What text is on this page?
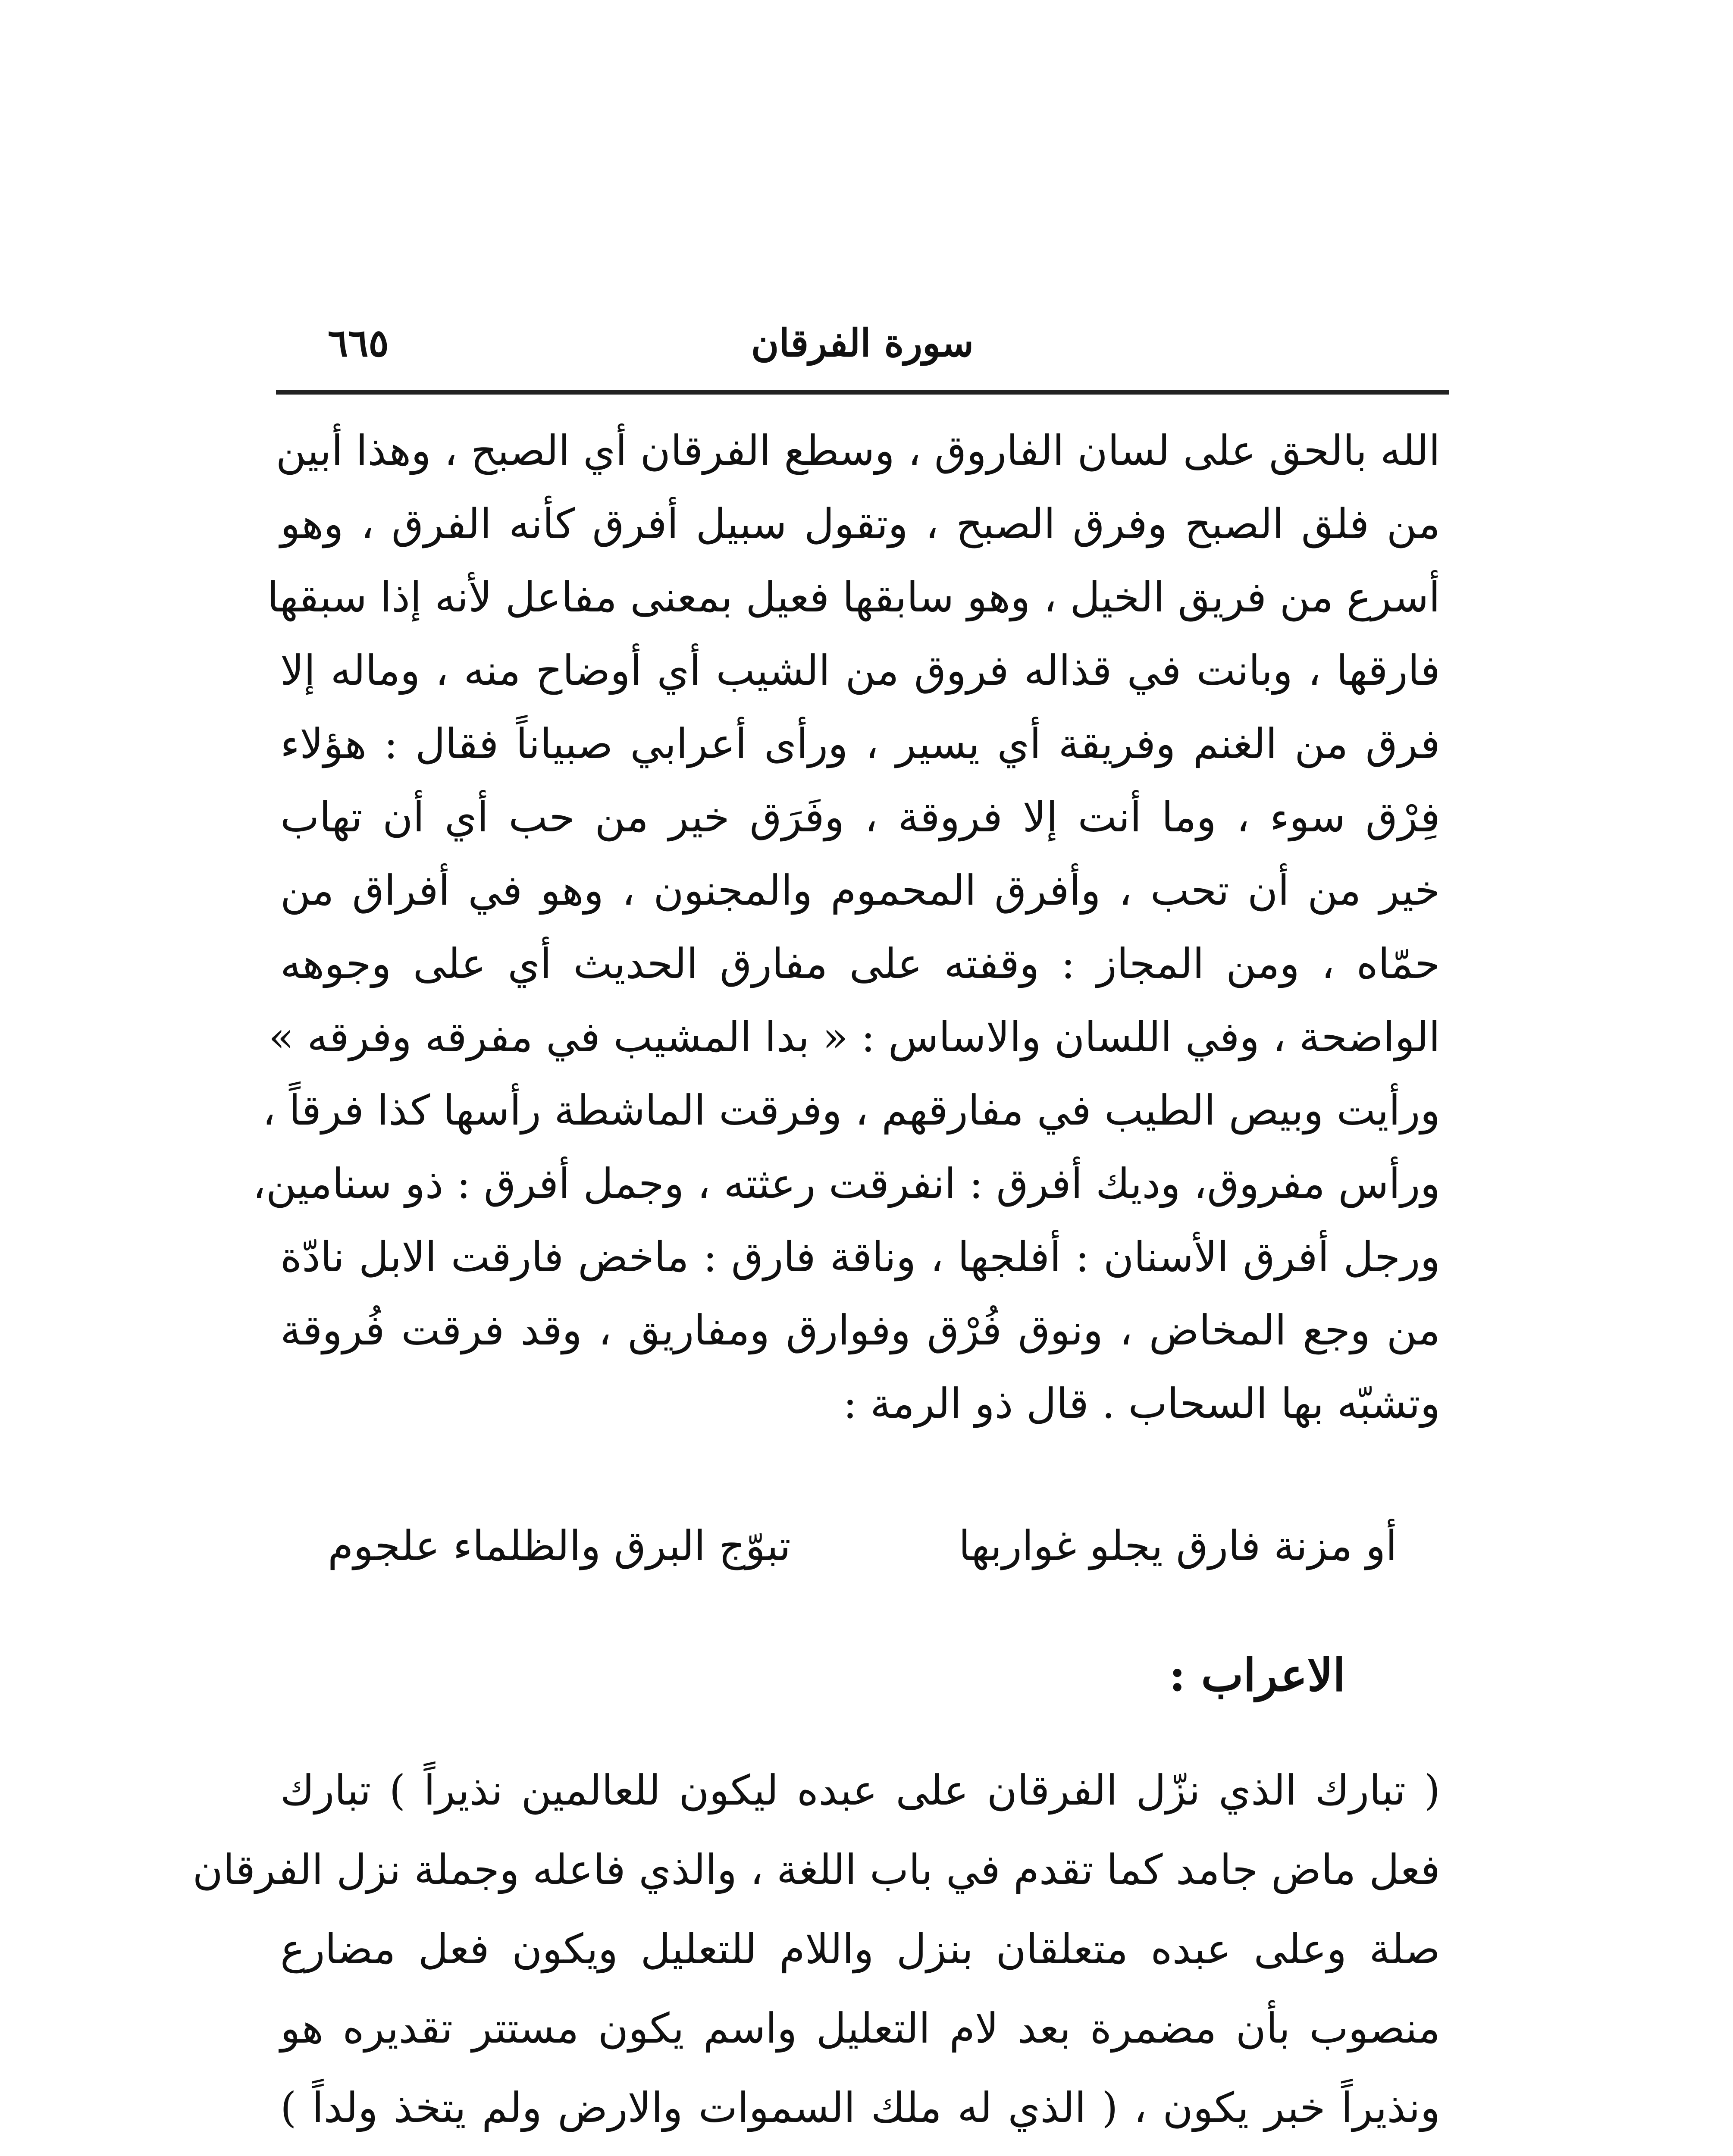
سورة الفرقان
٦٦٥
الله بالحق على لسان الفاروق ، وسطع الفرقان أي الصبح ، وهذا أبين
من فلق الصبح وفرق الصبح ، وتقول سبيل أفرق كأنه الفرق ، وهو
أسرع من فريق الخيل ، وهو سابقها فعيل بمعنى مفاعل لأنه إذا سبقها
فارقها ، وبانت في قذاله فروق من الشيب أي أوضاح منه ، وماله إلا
فرق من الغنم وفريقة أي يسير ، ورأى أعرابي صبياناً فقال : هؤلاء
فِرْق سوء ، وما أنت إلا فروقة ، وفَرَق خير من حب أي أن تهاب
خير من أن تحب ، وأفرق المحموم والمجنون ، وهو في أفراق من
حمّاه ، ومن المجاز : وقفته على مفارق الحديث أي على وجوهه
الواضحة ، وفي اللسان والاساس : « بدا المشيب في مفرقه وفرقه »
ورأيت وبيص الطيب في مفارقهم ، وفرقت الماشطة رأسها كذا فرقاً ،
ورأس مفروق، وديك أفرق : انفرقت رعثته ، وجمل أفرق : ذو سنامين،
ورجل أفرق الأسنان : أفلجها ، وناقة فارق : ماخض فارقت الابل نادّة
من وجع المخاض ، ونوق فُرْق وفوارق ومفاريق ، وقد فرقت فُروقة
وتشبّه بها السحاب . قال ذو الرمة :
أو مزنة فارق يجلو غواربها
تبوّج البرق والظلماء علجوم
الاعراب :
( تبارك الذي نزّل الفرقان على عبده ليكون للعالمين نذيراً ) تبارك
فعل ماض جامد كما تقدم في باب اللغة ، والذي فاعله وجملة نزل الفرقان
صلة وعلى عبده متعلقان بنزل واللام للتعليل ويكون فعل مضارع
منصوب بأن مضمرة بعد لام التعليل واسم يكون مستتر تقديره هو
ونذيراً خبر يكون ، ( الذي له ملك السموات والارض ولم يتخذ ولداً )
